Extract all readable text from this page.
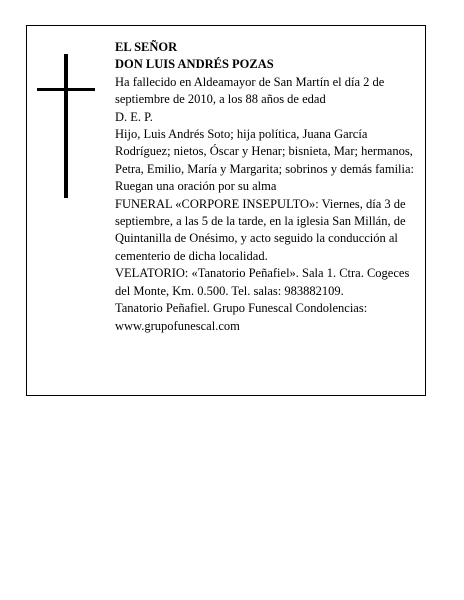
EL SEÑOR

DON LUIS ANDRÉS POZAS

Ha fallecido en Aldeamayor de San Martín el día 2 de septiembre de 2010, a los 88 años de edad

D. E. P.

Hijo, Luis Andrés Soto; hija política, Juana García Rodríguez; nietos, Óscar y Henar; bisnieta, Mar; hermanos, Petra, Emilio, María y Margarita; sobrinos y demás familia:

Ruegan una oración por su alma

FUNERAL «CORPORE INSEPULTO»: Viernes, día 3 de septiembre, a las 5 de la tarde, en la iglesia San Millán, de Quintanilla de Onésimo, y acto seguido la conducción al cementerio de dicha localidad.

VELATORIO: «Tanatorio Peñafiel». Sala 1. Ctra. Cogeces del Monte, Km. 0.500. Tel. salas: 983882109.

Tanatorio Peñafiel. Grupo Funescal Condolencias: www.grupofunescal.com
